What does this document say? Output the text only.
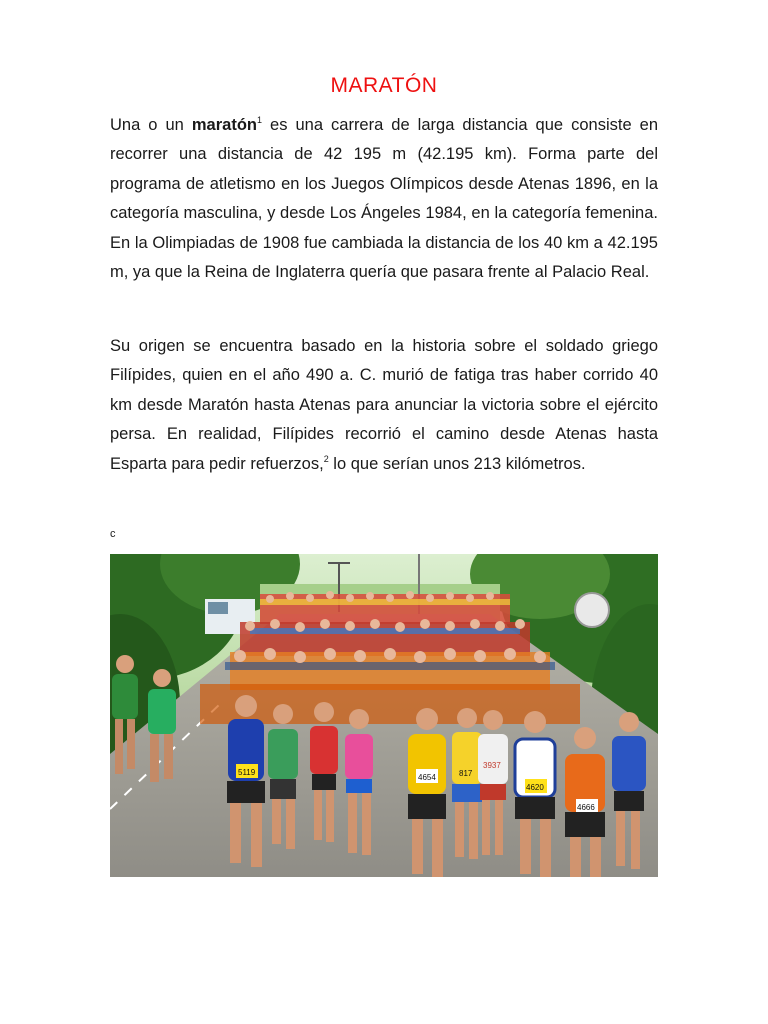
MARATÓN

Una o un maratón$^1$ es una carrera de larga distancia que consiste en recorrer una distancia de 42 195 m (42.195 km). Forma parte del programa de atletismo en los Juegos Olímpicos desde Atenas 1896, en la categoría masculina, y desde Los Ángeles 1984, en la categoría femenina. En la Olimpiadas de 1908 fue cambiada la distancia de los 40 km a 42.195 m, ya que la Reina de Inglaterra quería que pasara frente al Palacio Real.

Su origen se encuentra basado en la historia sobre el soldado griego Filípides, quien en el año 490 a. C. murió de fatiga tras haber corrido 40 km desde Maratón hasta Atenas para anunciar la victoria sobre el ejército persa. En realidad, Filípides recorrió el camino desde Atenas hasta Esparta para pedir refuerzos,$^2$ lo que serían unos 213 kilómetros.

c
5119
4654	817
4620
4666
3937
